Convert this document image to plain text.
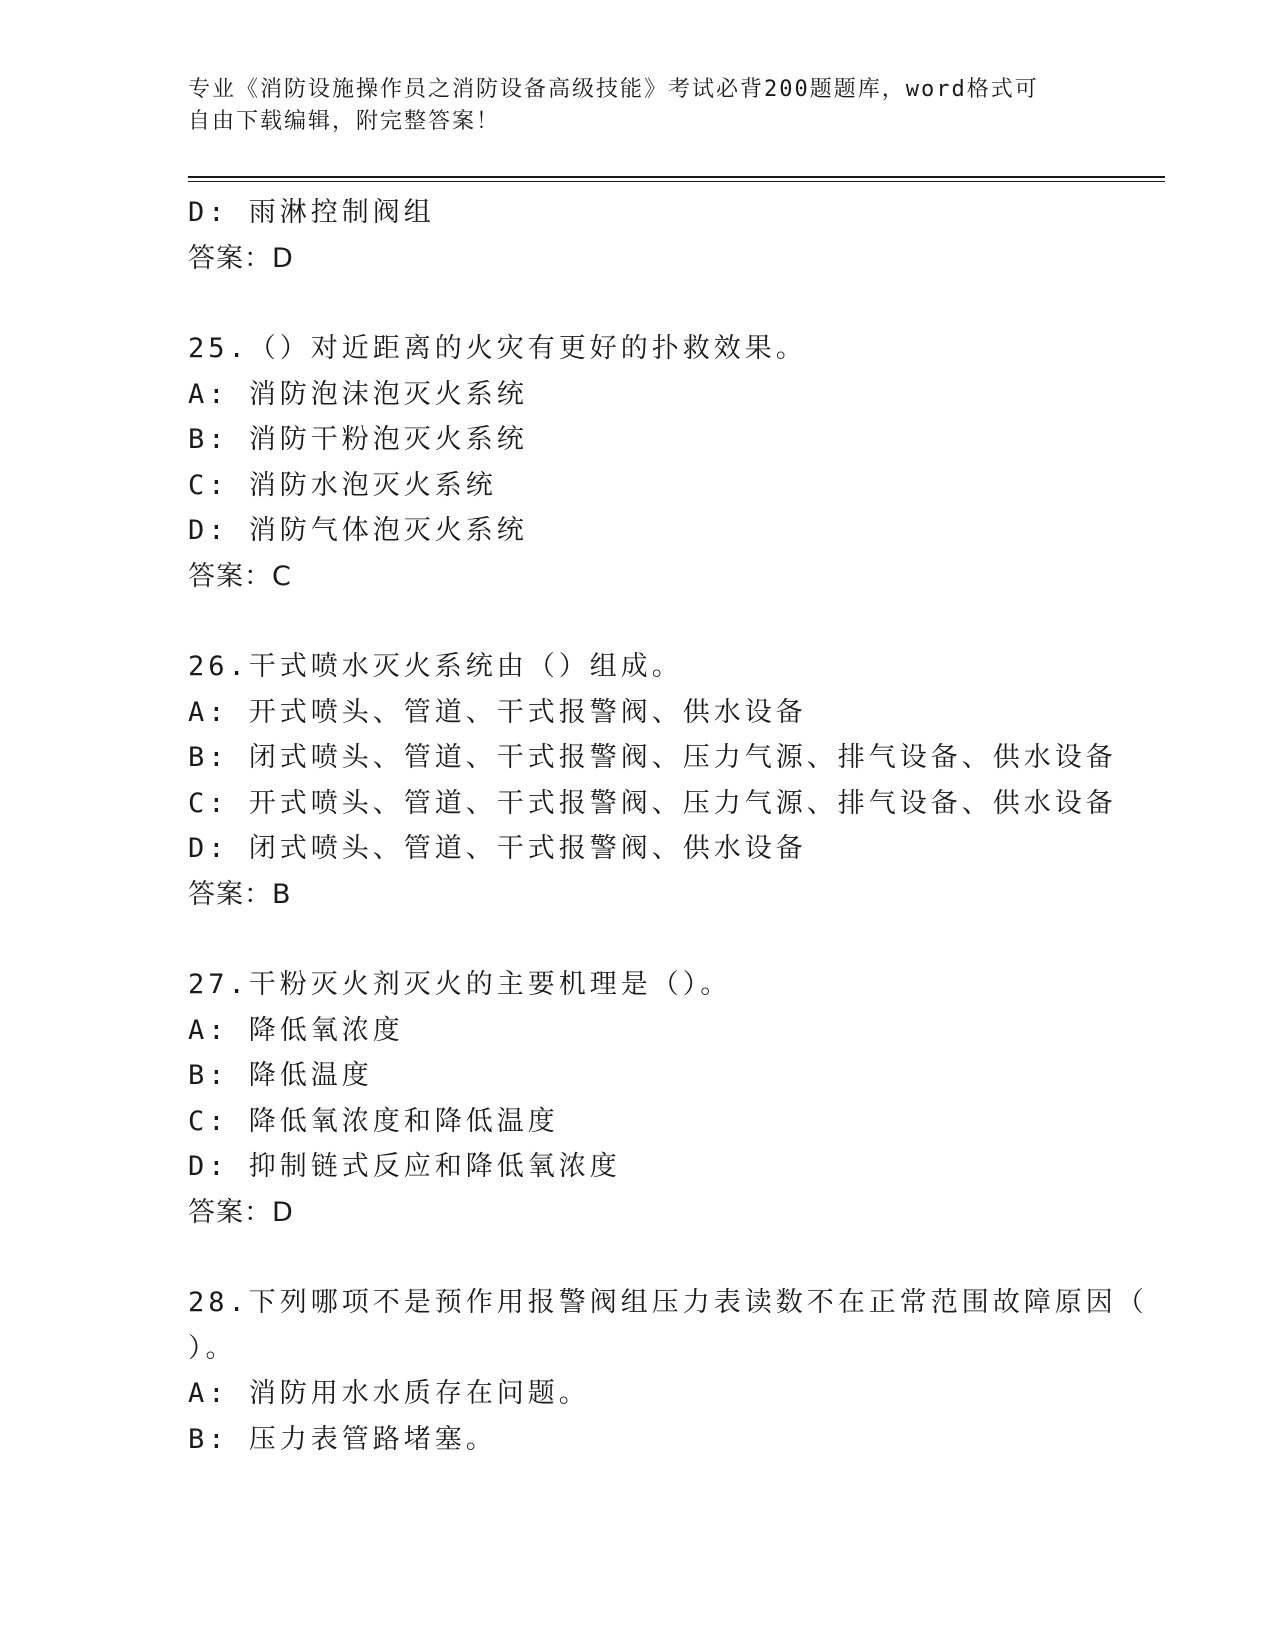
专业《消防设施操作员之消防设备高级技能》考试必背200题题库，word格式可
自由下载编辑，附完整答案！
D: 雨淋控制阀组
答案：D
25.（）对近距离的火灾有更好的扑救效果。
A: 消防泡沫泡灭火系统
B: 消防干粉泡灭火系统
C: 消防水泡灭火系统
D: 消防气体泡灭火系统
答案：C
26.干式喷水灭火系统由（）组成。
A: 开式喷头、管道、干式报警阀、供水设备
B: 闭式喷头、管道、干式报警阀、压力气源、排气设备、供水设备
C: 开式喷头、管道、干式报警阀、压力气源、排气设备、供水设备
D: 闭式喷头、管道、干式报警阀、供水设备
答案：B
27.干粉灭火剂灭火的主要机理是（）。
A: 降低氧浓度
B: 降低温度
C: 降低氧浓度和降低温度
D: 抑制链式反应和降低氧浓度
答案：D
28.下列哪项不是预作用报警阀组压力表读数不在正常范围故障原因（
）。
A: 消防用水水质存在问题。
B: 压力表管路堵塞。
